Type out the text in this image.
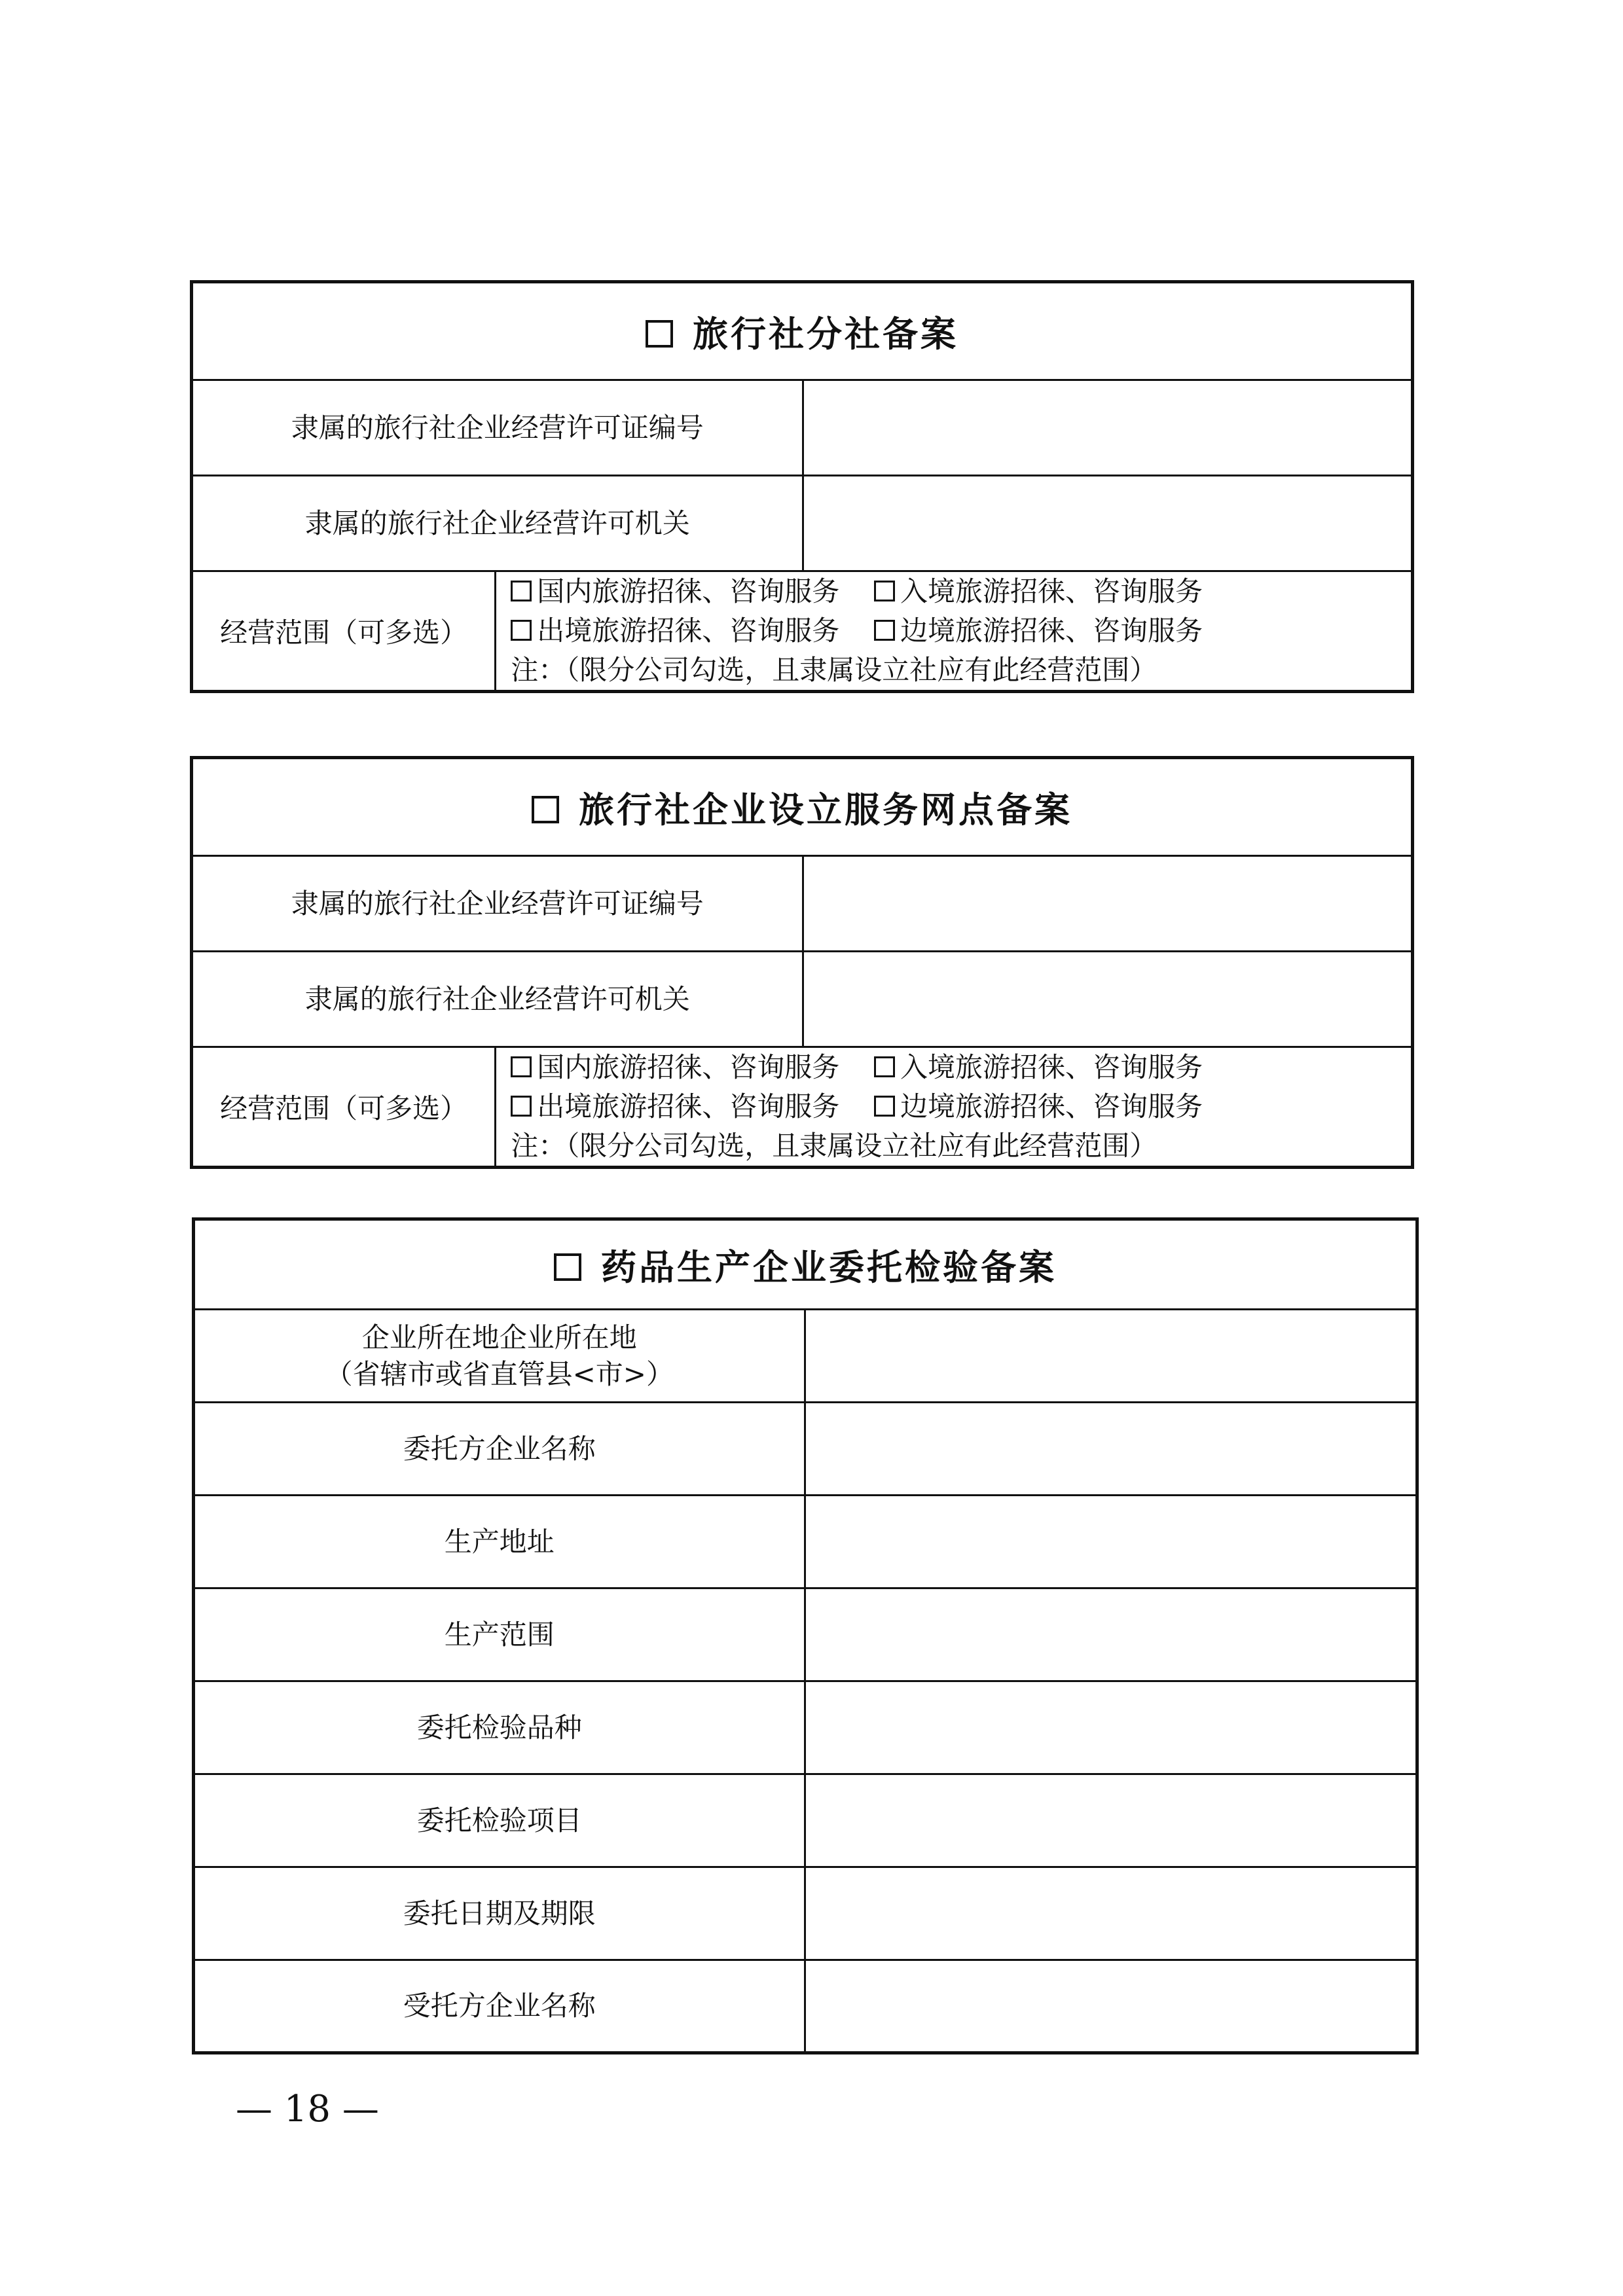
旅行社分社备案		
隶属的旅行社企业经营许可证编号		
隶属的旅行社企业经营许可机关		
经营范围（可多选）	国内旅游招徕、咨询服务 入境旅游招徕、咨询服务
出境旅游招徕、咨询服务 边境旅游招徕、咨询服务
注：（限分公司勾选，且隶属设立社应有此经营范围）	
旅行社企业设立服务网点备案		
隶属的旅行社企业经营许可证编号		
隶属的旅行社企业经营许可机关		
经营范围（可多选）	国内旅游招徕、咨询服务 入境旅游招徕、咨询服务
出境旅游招徕、咨询服务 边境旅游招徕、咨询服务
注：（限分公司勾选，且隶属设立社应有此经营范围）	
药品生产企业委托检验备案	

企业所在地企业所在地
（省辖市或省直管县<市>）	

委托方企业名称	
生产地址	
生产范围	
委托检验品种	
委托检验项目	
委托日期及期限	
受托方企业名称	
— 18 —
